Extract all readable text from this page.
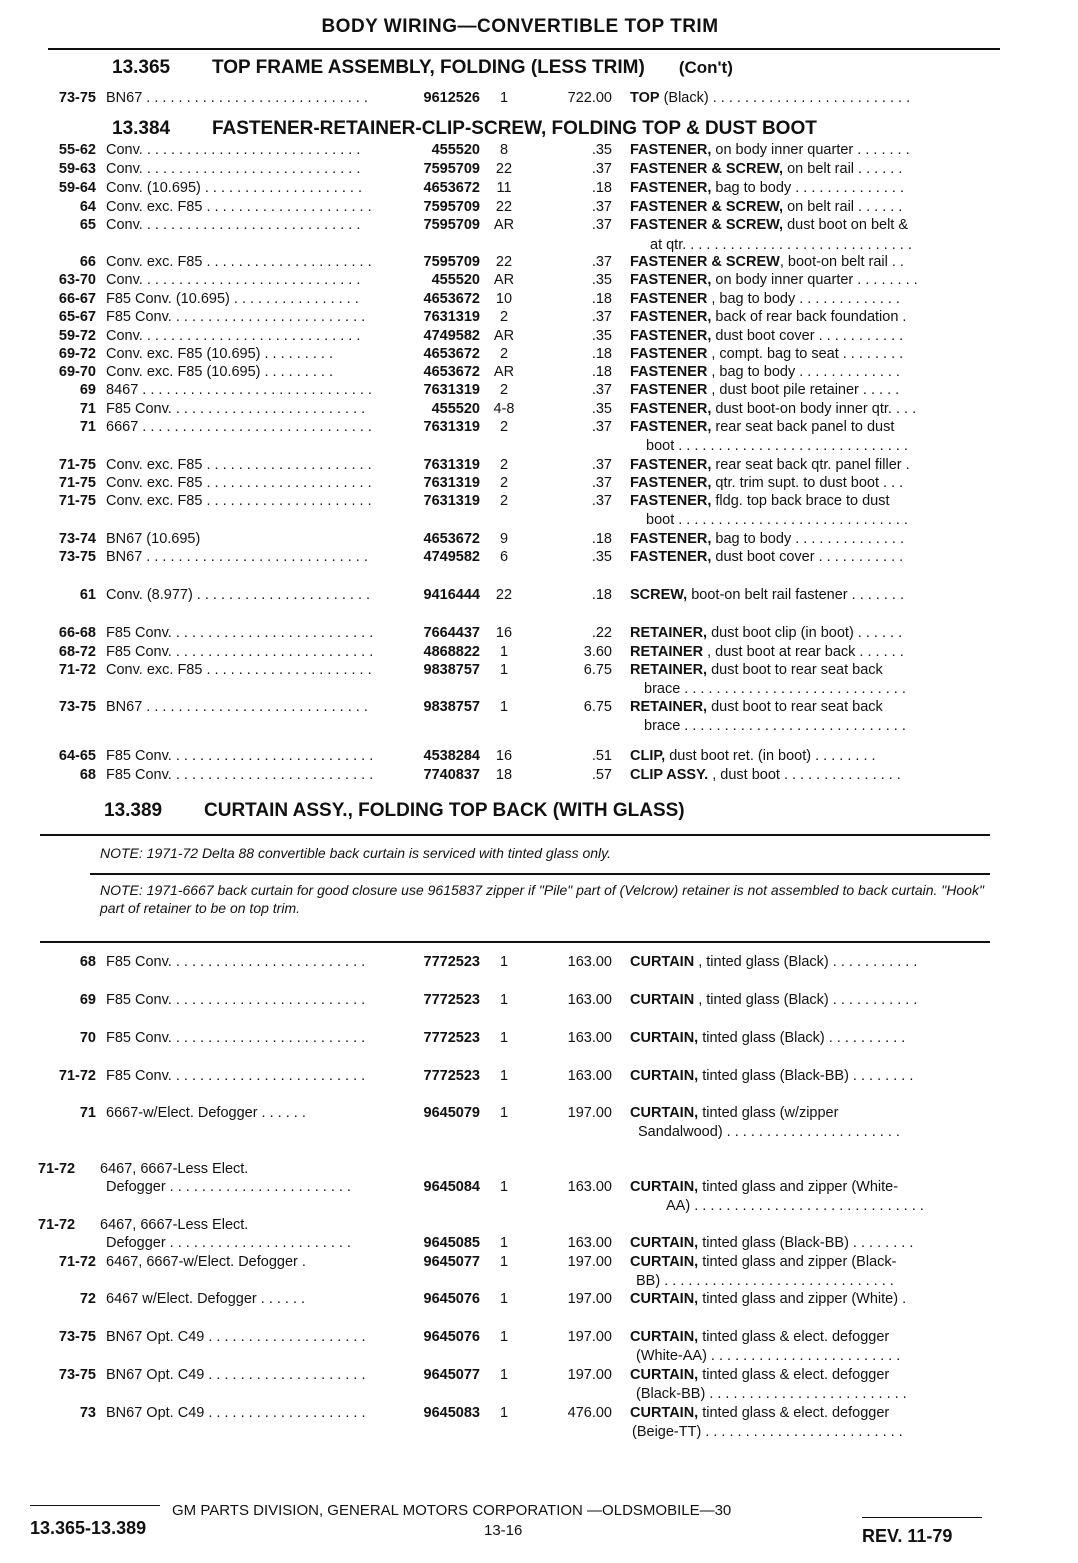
BODY WIRING—CONVERTIBLE TOP TRIM
13.365 TOP FRAME ASSEMBLY, FOLDING (LESS TRIM) (Con't)
13.384 FASTENER-RETAINER-CLIP-SCREW, FOLDING TOP & DUST BOOT
13.389 CURTAIN ASSY., FOLDING TOP BACK (WITH GLASS)
73-75 BN67 . . . . . . . . . . . . . . . . . . . . . . . . . . . .	9612526	1	722.00 TOP (Black) . . . . . . . . . . . . . . . . . . . . . . . . .
55-62 Conv. . . . . . . . . . . . . . . . . . . . . . . . . . . .	455520	8	.35 FASTENER, on body inner quarter . . . . . . .
59-63 Conv. . . . . . . . . . . . . . . . . . . . . . . . . . . .	7595709	22	.37 FASTENER & SCREW, on belt rail . . . . . .
59-64 Conv. (10.695) . . . . . . . . . . . . . . . . . . . .	4653672	11	.18 FASTENER, bag to body . . . . . . . . . . . . . .
64 Conv. exc. F85 . . . . . . . . . . . . . . . . . . . . .	7595709	22	.37 FASTENER & SCREW, on belt rail . . . . . .
65 Conv. . . . . . . . . . . . . . . . . . . . . . . . . . . .	7595709 AR	.37 FASTENER & SCREW, dust boot on belt &
at qtr. . . . . . . . . . . . . . . . . . . . . . . . . . . . .
66 Conv. exc. F85 . . . . . . . . . . . . . . . . . . . . .	7595709	22	.37 FASTENER & SCREW, boot-on belt rail . .
63-70 Conv. . . . . . . . . . . . . . . . . . . . . . . . . . . .	455520 AR	.35 FASTENER, on body inner quarter . . . . . . . .
66-67 F85 Conv. (10.695) . . . . . . . . . . . . . . . .	4653672	10	.18 FASTENER , bag to body . . . . . . . . . . . . .
65-67 F85 Conv. . . . . . . . . . . . . . . . . . . . . . . . .	7631319	2	.37 FASTENER, back of rear back foundation .
59-72 Conv. . . . . . . . . . . . . . . . . . . . . . . . . . . .	4749582 AR	.35 FASTENER, dust boot cover . . . . . . . . . . .
69-72 Conv. exc. F85 (10.695) . . . . . . . . .	4653672	2	.18 FASTENER , compt. bag to seat . . . . . . . .
69-70 Conv. exc. F85 (10.695) . . . . . . . . .	4653672 AR	.18 FASTENER , bag to body . . . . . . . . . . . . .
69 8467 . . . . . . . . . . . . . . . . . . . . . . . . . . . . .	7631319	2	.37 FASTENER , dust boot pile retainer . . . . .
71 F85 Conv. . . . . . . . . . . . . . . . . . . . . . . . .	455520 4-8	.35 FASTENER, dust boot-on body inner qtr. . . .
71 6667 . . . . . . . . . . . . . . . . . . . . . . . . . . . . .	7631319	2	.37 FASTENER, rear seat back panel to dust
boot . . . . . . . . . . . . . . . . . . . . . . . . . . . . .
71-75 Conv. exc. F85 . . . . . . . . . . . . . . . . . . . . .	7631319	2	.37 FASTENER, rear seat back qtr. panel filler .
71-75 Conv. exc. F85 . . . . . . . . . . . . . . . . . . . . .	7631319	2	.37 FASTENER, qtr. trim supt. to dust boot . . .
71-75 Conv. exc. F85 . . . . . . . . . . . . . . . . . . . . .	7631319	2	.37 FASTENER, fldg. top back brace to dust
boot . . . . . . . . . . . . . . . . . . . . . . . . . . . . .
73-74 BN67 (10.695)	4653672	9	.18 FASTENER, bag to body . . . . . . . . . . . . . .
73-75 BN67 . . . . . . . . . . . . . . . . . . . . . . . . . . . .	4749582	6	.35 FASTENER, dust boot cover . . . . . . . . . . .
61 Conv. (8.977) . . . . . . . . . . . . . . . . . . . . . .	9416444	22	.18 SCREW, boot-on belt rail fastener . . . . . . .
66-68 F85 Conv. . . . . . . . . . . . . . . . . . . . . . . . . .	7664437	16	.22 RETAINER, dust boot clip (in boot) . . . . . .
68-72 F85 Conv. . . . . . . . . . . . . . . . . . . . . . . . . .	4868822	1	3.60 RETAINER , dust boot at rear back . . . . . .
71-72 Conv. exc. F85 . . . . . . . . . . . . . . . . . . . . .	9838757	1	6.75 RETAINER, dust boot to rear seat back
brace . . . . . . . . . . . . . . . . . . . . . . . . . . . .
73-75 BN67 . . . . . . . . . . . . . . . . . . . . . . . . . . . .	9838757	1	6.75 RETAINER, dust boot to rear seat back
brace . . . . . . . . . . . . . . . . . . . . . . . . . . . .
64-65 F85 Conv. . . . . . . . . . . . . . . . . . . . . . . . . .	4538284	16	.51 CLIP, dust boot ret. (in boot) . . . . . . . .
68 F85 Conv. . . . . . . . . . . . . . . . . . . . . . . . . .	7740837	18	.57 CLIP ASSY. , dust boot . . . . . . . . . . . . . . .
NOTE: 1971-72 Delta 88 convertible back curtain is serviced with tinted glass only.
NOTE: 1971-6667 back curtain for good closure use 9615837 zipper if "Pile" part of (Velcrow) retainer is not assembled to back curtain. "Hook" part of retainer to be on top trim.
68 F85 Conv. . . . . . . . . . . . . . . . . . . . . . . . .	7772523	1	163.00 CURTAIN , tinted glass (Black) . . . . . . . . . . .
69 F85 Conv. . . . . . . . . . . . . . . . . . . . . . . . .	7772523	1	163.00 CURTAIN , tinted glass (Black) . . . . . . . . . . .
70 F85 Conv. . . . . . . . . . . . . . . . . . . . . . . . .	7772523	1	163.00 CURTAIN, tinted glass (Black) . . . . . . . . . .
71-72 F85 Conv. . . . . . . . . . . . . . . . . . . . . . . . .	7772523	1	163.00 CURTAIN, tinted glass (Black-BB) . . . . . . . .
71 6667-w/Elect. Defogger . . . . . .	9645079	1	197.00 CURTAIN, tinted glass (w/zipper
Sandalwood) . . . . . . . . . . . . . . . . . . . . . .
71-72 6467, 6667-Less Elect.
Defogger . . . . . . . . . . . . . . . . . . . . . . .	9645084	1	163.00 CURTAIN, tinted glass and zipper (White-
AA) . . . . . . . . . . . . . . . . . . . . . . . . . . . . .
71-72 6467, 6667-Less Elect.
Defogger . . . . . . . . . . . . . . . . . . . . . . .	9645085	1	163.00 CURTAIN, tinted glass (Black-BB) . . . . . . . .
71-72 6467, 6667-w/Elect. Defogger .	9645077	1	197.00 CURTAIN, tinted glass and zipper (Black-
BB) . . . . . . . . . . . . . . . . . . . . . . . . . . . . .
72 6467 w/Elect. Defogger . . . . . .	9645076	1	197.00 CURTAIN, tinted glass and zipper (White) .
73-75 BN67 Opt. C49 . . . . . . . . . . . . . . . . . . . .	9645076	1	197.00 CURTAIN, tinted glass & elect. defogger
(White-AA) . . . . . . . . . . . . . . . . . . . . . . . .
73-75 BN67 Opt. C49 . . . . . . . . . . . . . . . . . . . .	9645077	1	197.00 CURTAIN, tinted glass & elect. defogger
(Black-BB) . . . . . . . . . . . . . . . . . . . . . . . . .
73 BN67 Opt. C49 . . . . . . . . . . . . . . . . . . . .	9645083	1	476.00 CURTAIN, tinted glass & elect. defogger
(Beige-TT) . . . . . . . . . . . . . . . . . . . . . . . . .
GM PARTS DIVISION, GENERAL MOTORS CORPORATION —OLDSMOBILE—30
13.365-13.389	13-16	REV. 11-79
